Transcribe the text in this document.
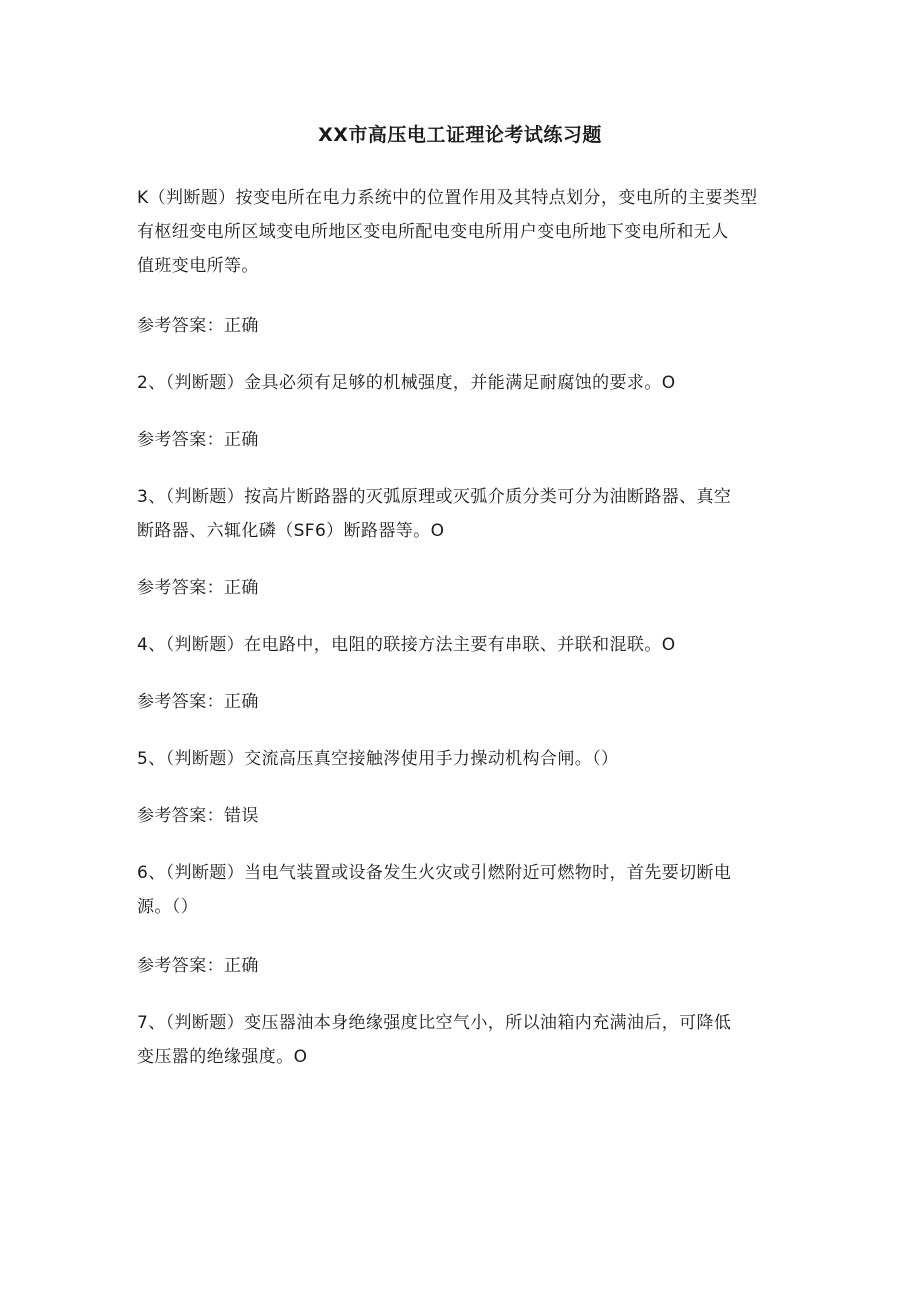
XX市高压电工证理论考试练习题
K（判断题）按变电所在电力系统中的位置作用及其特点划分，变电所的主要类型
有枢纽变电所区域变电所地区变电所配电变电所用户变电所地下变电所和无人
值班变电所等。
参考答案：正确
2、（判断题）金具必须有足够的机械强度，并能满足耐腐蚀的要求。O
参考答案：正确
3、（判断题）按高片断路器的灭弧原理或灭弧介质分类可分为油断路器、真空
断路器、六辄化磷（SF6）断路器等。O
参考答案：正确
4、（判断题）在电路中，电阻的联接方法主要有串联、并联和混联。O
参考答案：正确
5、（判断题）交流高压真空接触涔使用手力操动机构合闸。（）
参考答案：错误
6、（判断题）当电气装置或设备发生火灾或引燃附近可燃物时，首先要切断电
源。（）
参考答案：正确
7、（判断题）变压器油本身绝缘强度比空气小，所以油箱内充满油后，可降低
变压嚣的绝缘强度。O
